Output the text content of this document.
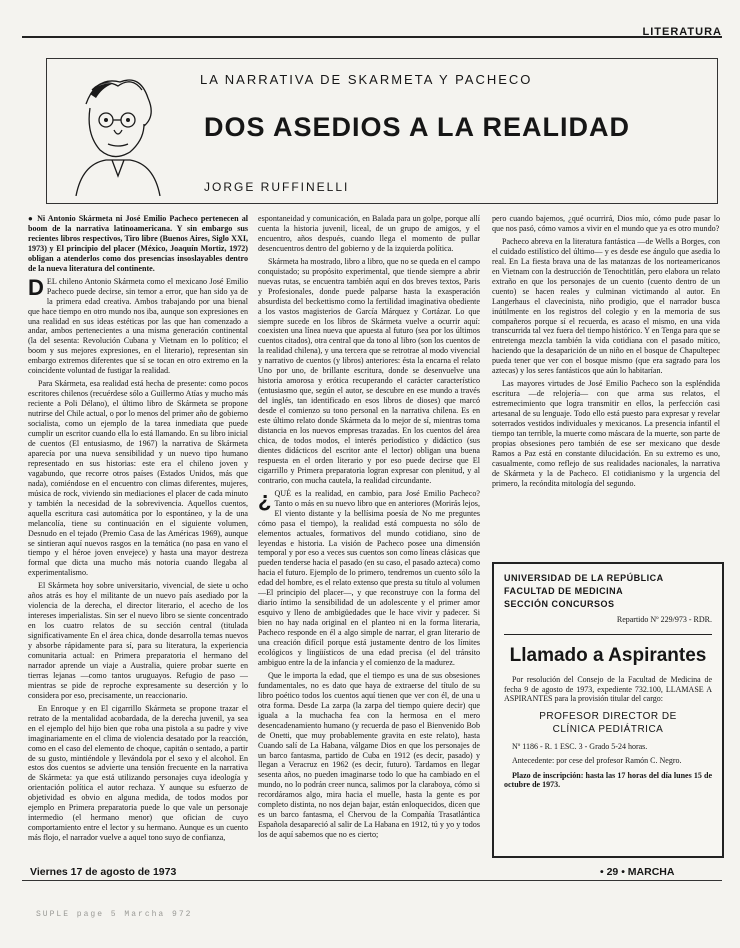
LITERATURA
LA NARRATIVA DE SKARMETA Y PACHECO
DOS ASEDIOS A LA REALIDAD
JORGE RUFFINELLI

● Ni Antonio Skármeta ni José Emilio Pacheco pertenecen al boom de la narrativa latinoamericana. Y sin embargo sus recientes libros respectivos, Tiro libre (Buenos Aires, Siglo XXI, 1973) y El principio del placer (México, Joaquín Mortiz, 1972) obligan a atenderlos como dos presencias insoslayables dentro de la nueva literatura del continente.

DEL chileno Antonio Skármeta como el mexicano José Emilio Pacheco puede decirse, sin temor a error, que han sido ya de la primera edad creativa. Ambos trabajando por una bienal que hace tiempo en otro mundo nos iba, aunque son expresiones en una realidad en sus ideas estéticas por las que han comenzado a andar, ambos pertenecientes a una misma generación continental (la del sesenta: Revolución Cubana y Vietnam en lo político; el boom y sus mejores expresiones, en el literario), representan sin embargo extremos diferentes que sí se tocan en otro extremo en la coincidente voluntad de fustigar la realidad.

Para Skármeta, esa realidad está hecha de presente: como pocos escritores chilenos (recuérdese sólo a Guillermo Atías y mucho más reciente a Poli Délano), el último libro de Skármeta se propone nutrirse del Chile actual, o por lo menos del primer año de gobierno socialista, como un ejemplo de la tarea inmediata que puede cumplir un escritor cuando ella lo está llamando. En su libro inicial de cuentos (El entusiasmo, de 1967) la narrativa de Skármeta aparecía por una nueva sensibilidad y un nuevo tipo humano representado en sus historias: este era el chileno joven y vagabundo, que recorre otros países (Estados Unidos, más que nada), comiéndose en el encuentro con climas diferentes, mujeres, música de rock, viviendo sin mediaciones el placer de cada minuto y también la necesidad de la sobrevivencia. Aquellos cuentos, aquella escritura casi automática por lo espontáneo, y la de una melancolía, tiene su continuación en el siguiente volumen, Desnudo en el tejado (Premio Casa de las Américas 1969), aunque se sintieran aquí nuevos rasgos en la temática (no pasa en vano el tiempo y el héroe joven envejece) y hasta una mayor destreza formal que dicta una mucho más notoria cuando llegaba al experimentalismo.

El Skármeta hoy sobre universitario, vivencial, de siete u ocho años atrás es hoy el militante de un nuevo país asediado por la violencia de la derecha, el director literario, el acecho de los intereses imperialistas. Sin ser el nuevo libro se siente concentrado en los cuatro relatos de su sección central (titulada significativamente En el área chica, donde desarrolla temas nuevos y absorbe rápidamente para sí, para su literatura, la experiencia comunitaria actual: en Primera preparatoria el hermano del narrador aprende un viaje a Australia, quiere probar suerte en tierras lejanas —como tantos uruguayos. Refugio de paso —mientras se pide de reproche expresamente su deserción y lo considera por eso, precisamente, un reaccionario.

En Enroque y en El cigarrillo Skármeta se propone trazar el retrato de la mentalidad acobardada, de la derecha juvenil, ya sea en el ejemplo del hijo bien que roba una pistola a su padre y vive imaginariamente en el clima de violencia desatado por la reacción, como en el caso del elemento de choque, capitán o sentado, a partir de su gusto, mintiéndole y llevándola por el sexo y el alcohol. En estos dos cuentos se advierte una tensión frecuente en la narrativa de Skármeta: ya que está utilizando personajes cuya ideología y orientación política el autor rechaza. Y aunque su esfuerzo de objetividad es obvio en alguna medida, de todos modos por ejemplo en Primera preparatoria puede lo que vale un personaje intermedio (el hermano menor) que ofician de cuyo comportamiento entre el lector y su hermano. Aunque es un cuento más flojo, el narrador vuelve a aquel tono suyo de confianza,

espontaneidad y comunicación, en Balada para un golpe, porque allí cuenta la historia juvenil, liceal, de un grupo de amigos, y el encuentro, años después, cuando llega el momento de pullar desencuentros dentro del gobierno y de la izquierda política.

Skármeta ha mostrado, libro a libro, que no se queda en el campo conquistado; su propósito experimental, que tiende siempre a abrir nuevas rutas, se encuentra también aquí en dos breves textos, Paris y Profesionales, donde puede palparse hasta la exasperación absurdista del beckettismo como la fertilidad imaginativa obediente a los vastos magisterios de García Márquez y Cortázar. Lo que siempre sucede en los libros de Skármeta vuelve a ocurrir aquí: coexisten una línea nueva que apuesta al futuro (sea por los últimos cuentos citados), otra central que da tono al libro (son los cuentos de la realidad chilena), y una tercera que se retrotrae al modo vivencial y narrativo de cuentos (y libros) anteriores: ésta la encarna el relato Uno por uno, de brillante escritura, donde se desenvuelve una historia amorosa y erótica recuperando el carácter característico (entusiasmo que, según el autor, se descubre en ese mundo a través del inglés, tan identificado en esos libros de dioses) que marcó desde el comienzo su tono personal en la narrativa chilena. Es en este último relato donde Skármeta da lo mejor de sí, mientras toma distancia en los nuevos empresas trazadas. En los cuentos del área chica, de todos modos, el interés periodístico y didáctico (sus dientes didácticos del escritor ante el lector) obligan una buena respuesta en el orden literario y por eso puede decirse que El cigarrillo y Primera preparatoria logran expresar con plenitud, y al contrario, con mucha cautela, la realidad circundante.

¿ QUÉ es la realidad, en cambio, para José Emilio Pacheco? Tanto o más en su nuevo libro que en anteriores (Morirás lejos, El viento distante y la bellísima poesía de No me preguntes cómo pasa el tiempo), la realidad está compuesta no sólo de elementos actuales, formativos del mundo cotidiano, sino de leyendas e historia. La visión de Pacheco posee una dimensión temporal y por eso a veces sus cuentos son como líneas clásicas que pueden tenderse hacia el pasado (en su caso, el pasado azteca) como hacia el futuro. Ejemplo de lo primero, tendremos un cuento sólo la edad del hombre, es el relato extenso que presta su título al volumen —El principio del placer—, y que reconstruye con la forma del diario íntimo la sensibilidad de un adolescente y el primer amor esquivo y lleno de ambigüedades que le hace vivir y padecer. Si bien no hay nada original en el planteo ni en la forma literaria, Pacheco responde en él a algo simple de narrar, el gran literario de una creación difícil porque está justamente dentro de los límites ecológicos y lingüísticos de una edad precisa (el del tránsito ambiguo entre la de la infancia y el comienzo de la madurez.

Que le importa la edad, que el tiempo es una de sus obsesiones fundamentales, no es dato que haya de extraerse del título de su libro poético todos los cuentos aquí tienen que ver con él, de una u otra forma. Desde La zarpa (la zarpa del tiempo quiere decir) que iguala a la muchacha fea con la hermosa en el mero desencadenamiento humano (y recuerda de paso el Bienvenido Bob de Onetti, que muy probablemente gravita en este relato), hasta Cuando salí de La Habana, válgame Dios en que los personajes de un barco fantasma, partido de Cuba en 1912 (es decir, pasado) y llegan a Veracruz en 1962 (es decir, futuro). Tardamos en llegar sesenta años, no pueden imaginarse todo lo que ha cambiado en el mundo, no lo podrán creer nunca, salimos por la claraboya, cómo si recordáramos algo, mira hacia el muelle, hasta la gente es por completo distinta, no nos dejan bajar, están enloquecidos, dicen que es un barco fantasma, el Chervou de la Compañía Trasatlántica Española desapareció al salir de La Habana en 1912, tú y yo y todos los de aquí sabemos que no es cierto;

pero cuando bajemos, ¿qué ocurrirá, Dios mío, cómo pude pasar lo que nos pasó, cómo vamos a vivir en el mundo que ya es otro mundo?

Pacheco abreva en la literatura fantástica —de Wells a Borges, con el cuidado estilístico del último— y es desde ese ángulo que asedia lo real. En La fiesta brava una de las matanzas de los norteamericanos en Vietnam con la destrucción de Tenochtitlán, pero elabora un relato extraño en que los personajes de un cuento (cuento dentro de un cuento) se hacen reales y culminan victimando al autor. En Langerhaus el clavecinista, niño prodigio, que el narrador busca inútilmente en los registros del colegio y en la memoria de sus compañeros porque sí el recuerda, es acaso el mismo, en una vida transcurrida tal vez fuera del tiempo histórico. Y en Tenga para que se entretenga mezcla también la vida cotidiana con el pasado mítico, haciendo que la desaparición de un niño en el bosque de Chapultepec pueda tener que ver con el bosque mismo (que era sagrado para los aztecas) y los seres fantásticos que aún lo habitarían.

Las mayores virtudes de José Emilio Pacheco son la espléndida escritura —de relojería— con que arma sus relatos, el estremecimiento que logra transmitir en ellos, la perfección casi artesanal de su lenguaje. Todo ello está puesto para expresar y revelar soterrados vestidos individuales y mexicanos. La presencia infantil el tiempo tan terrible, la muerte como máscara de la muerte, son parte de propias obsesiones pero también de ese ser mexicano que desde Ramos a Paz está en constante dilucidación. En su extremo es uno, casualmente, como reflejo de sus realidades nacionales, la narrativa de Skármeta y la de Pacheco. El cotidianismo y la urgencia del primero, la recóndita mitología del segundo.

UNIVERSIDAD DE LA REPÚBLICA
FACULTAD DE MEDICINA
SECCIÓN CONCURSOS
Repartido Nº 229/973 - RDR.
Llamado a Aspirantes

Por resolución del Consejo de la Facultad de Medicina de fecha 9 de agosto de 1973, expediente 732.100, LLAMASE A ASPIRANTES para la provisión titular del cargo:

PROFESOR DIRECTOR DE
CLÍNICA PEDIÁTRICA

Nº 1186 - R. 1 ESC. 3 - Grado 5-24 horas.

Antecedente: por cese del profesor Ramón C. Negro.

Plazo de inscripción: hasta las 17 horas del día lunes 15 de octubre de 1973.

Viernes 17 de agosto de 1973	• 29 • MARCHA
SUPLE page 5 Marcha 972
